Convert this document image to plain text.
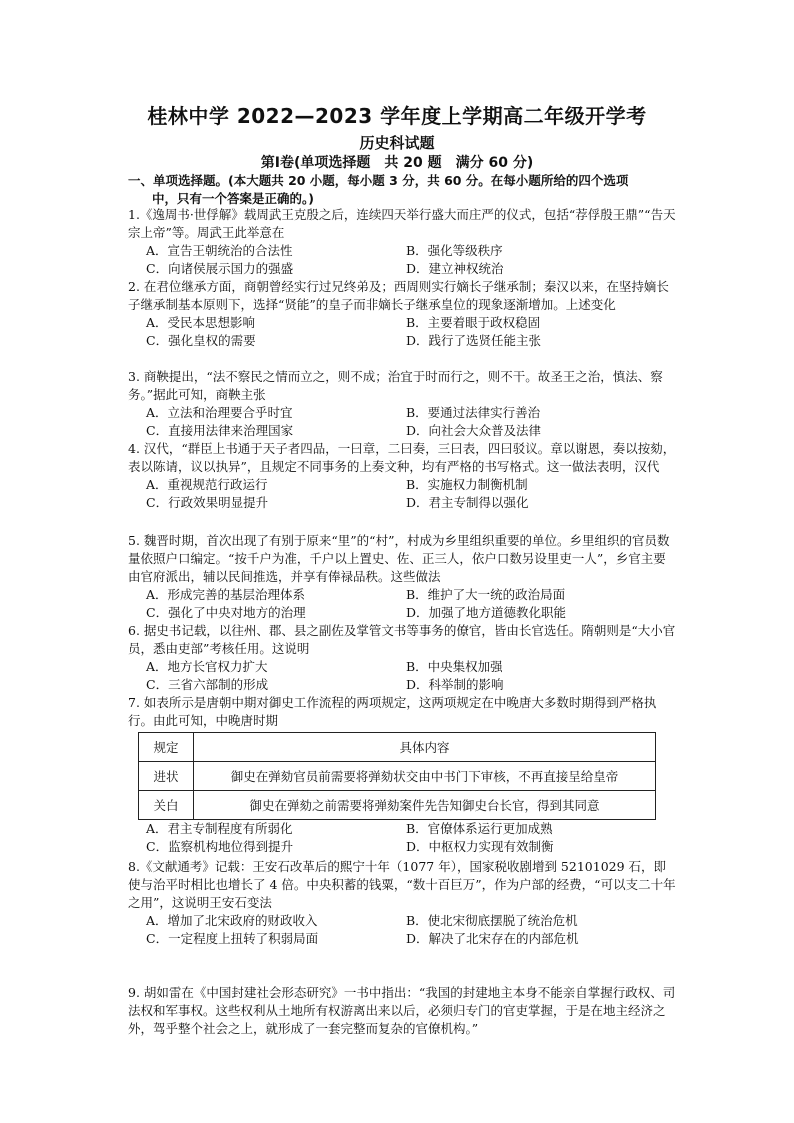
桂林中学 2022—2023 学年度上学期高二年级开学考
历史科试题
第Ⅰ卷(单项选择题　共 20 题　满分 60 分)
一、单项选择题。(本大题共 20 小题，每小题 3 分，共 60 分。在每小题所给的四个选项
中，只有一个答案是正确的。)
1.《逸周书·世俘解》载周武王克殷之后，连续四天举行盛大而庄严的仪式，包括“荐俘殷王鼎”“告天宗上帝”等。周武王此举意在
A．宣告王朝统治的合法性	B．强化等级秩序
C．向诸侯展示国力的强盛	D．建立神权统治
2. 在君位继承方面，商朝曾经实行过兄终弟及；西周则实行嫡长子继承制；秦汉以来，在坚持嫡长子继承制基本原则下，选择“贤能”的皇子而非嫡长子继承皇位的现象逐渐增加。上述变化
A．受民本思想影响	B．主要着眼于政权稳固
C．强化皇权的需要	D．践行了选贤任能主张
3. 商鞅提出，“法不察民之情而立之，则不成；治宜于时而行之，则不干。故圣王之治，慎法、察务。”据此可知，商鞅主张
A．立法和治理要合乎时宜	B．要通过法律实行善治
C．直接用法律来治理国家	D．向社会大众普及法律
4. 汉代，“群臣上书通于天子者四品，一曰章，二曰奏，三曰表，四曰驳议。章以谢恩，奏以按劾，表以陈请，议以执异”，且规定不同事务的上奏文种，均有严格的书写格式。这一做法表明，汉代
A．重视规范行政运行	B．实施权力制衡机制
C．行政效果明显提升	D．君主专制得以强化
5. 魏晋时期，首次出现了有别于原来“里”的“村”，村成为乡里组织重要的单位。乡里组织的官员数量依照户口编定。“按千户为准，千户以上置史、佐、正三人，依户口数另设里吏一人”，乡官主要由官府派出，辅以民间推选，并享有俸禄品秩。这些做法
A．形成完善的基层治理体系	B．维护了大一统的政治局面
C．强化了中央对地方的治理	D．加强了地方道德教化职能
6. 据史书记载，以往州、郡、县之副佐及掌管文书等事务的僚官，皆由长官选任。隋朝则是“大小官员，悉由吏部”考核任用。这说明
A．地方长官权力扩大	B．中央集权加强
C．三省六部制的形成	D．科举制的影响
7. 如表所示是唐朝中期对御史工作流程的两项规定，这两项规定在中晚唐大多数时期得到严格执行。由此可知，中晚唐时期
规定	具体内容
进状	御史在弹劾官员前需要将弹劾状交由中书门下审核，不再直接呈给皇帝
关白	御史在弹劾之前需要将弹劾案件先告知御史台长官，得到其同意
A．君主专制程度有所弱化	B．官僚体系运行更加成熟
C．监察机构地位得到提升	D．中枢权力实现有效制衡
8.《文献通考》记载：王安石改革后的熙宁十年（1077 年），国家税收剧增到 52101029 石，即使与治平时相比也增长了 4 倍。中央积蓄的钱粟，“数十百巨万”，作为户部的经费，“可以支二十年之用”，这说明王安石变法
A．增加了北宋政府的财政收入	B．使北宋彻底摆脱了统治危机
C．一定程度上扭转了积弱局面	D．解决了北宋存在的内部危机
9. 胡如雷在《中国封建社会形态研究》一书中指出：“我国的封建地主本身不能亲自掌握行政权、司法权和军事权。这些权利从土地所有权游离出来以后，必须归专门的官吏掌握，于是在地主经济之外，驾乎整个社会之上，就形成了一套完整而复杂的官僚机构。”
